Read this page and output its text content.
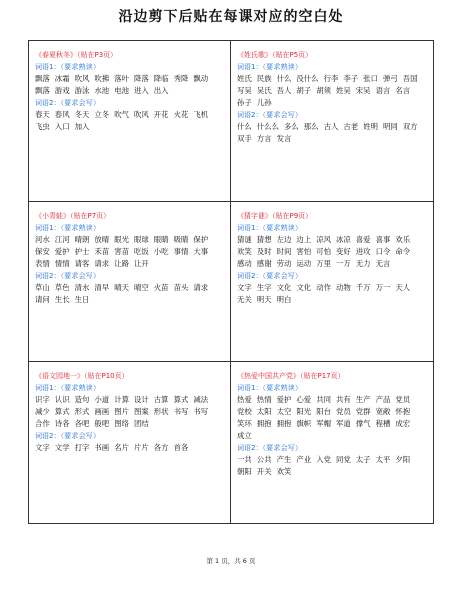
沿边剪下后贴在每课对应的空白处
《春夏秋冬》（贴在P3页）
词语1：（要求熟读）
飘落 冰霜 吹风 吹拂 落叶 降落 降临 秀降 飘动飘落 游戏 游泳 水池 电池 进入 出入
词语2：（要求会写）
春天 春风 冬天 立冬 吹气 吹风 开花 火花 飞机飞虫 入口 加入
《姓氏歌》（贴在P5页）
词语1：（要求熟读）
姓氏 民族 什么 没什么 行李 李子 张口 弹弓 吾国写吴 吴氏 吾人 胡子 胡须 姓吴 宋吴 语言 名言孙子 儿孙
词语2：（要求会写）
什么 什么么 多么 那么 古人 古老 姓明 明同 双方双手 方言 发言
《小青蛙》（贴在P7页）
词语1：（要求熟读）
河水 江河 晴朗 放晴 眼光 眼球 眼睛 吸睛 保护保安 爱护 护士 禾苗 害苗 吃饭 小吃 事情 大事表情 情情 请客 请求 让路 让开
词语2：（要求会写）
草山 草色 清水 清早 晴天 晴空 火苗 苗头 请求请问 生长 生日
《猜字谜》（贴在P9页）
词语1：（要求熟读）
猜谜 猜想 左边 边上 凉风 冰凉 喜爱 喜事 欢乐欢笑 及时 时间 害怕 可怕 变好 进攻 口令 命令感动 感谢 劳动 运动 万里 一万 无力 无言
词语2：（要求会写）
文字 生字 文化 文化 动作 动物 千万 万一 天人无关 明天 明白
《语文园地一》（贴在P10页）
词语1：（要求熟读）
识字 认识 造句 小道 计算 设计 古算 算式 减法减少 算式 形式 画画 图片 图案 形状 书写 书写合作 诗各 各吧 般吧 图络 团结
词语2：（要求会写）
文字 文学 打字 书画 名片 片片 各方 首各
《热爱中国共产党》（贴在P17页）
词语1：（要求熟读）
热爱 热情 爱护 心爱 共同 共有 生产 产品 党员党校 太阳 太空 阳光 阳台 党员 党群 宽敞 怀抱笑环 拥抱 拥抱 旗帜 军帽 军道 撑气 程槽 成宏成立
词语2：（要求会写）
一共 公共 产生 产业 入党 同党 太子 太平 夕阳朝阳 开关 欢笑
第 1 页，共 6 页
